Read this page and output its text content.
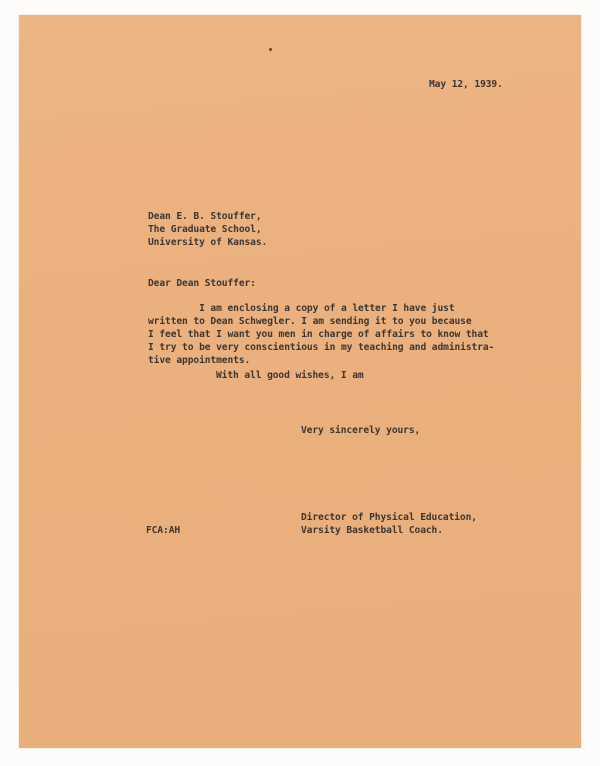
May 12, 1939.
Dean E. B. Stouffer,
The Graduate School,
University of Kansas.
Dear Dean Stouffer:
I am enclosing a copy of a letter I have just
written to Dean Schwegler. I am sending it to you because
I feel that I want you men in charge of affairs to know that
I try to be very conscientious in my teaching and administra-
tive appointments.
With all good wishes, I am
Very sincerely yours,
Director of Physical Education,
Varsity Basketball Coach.
FCA:AH
